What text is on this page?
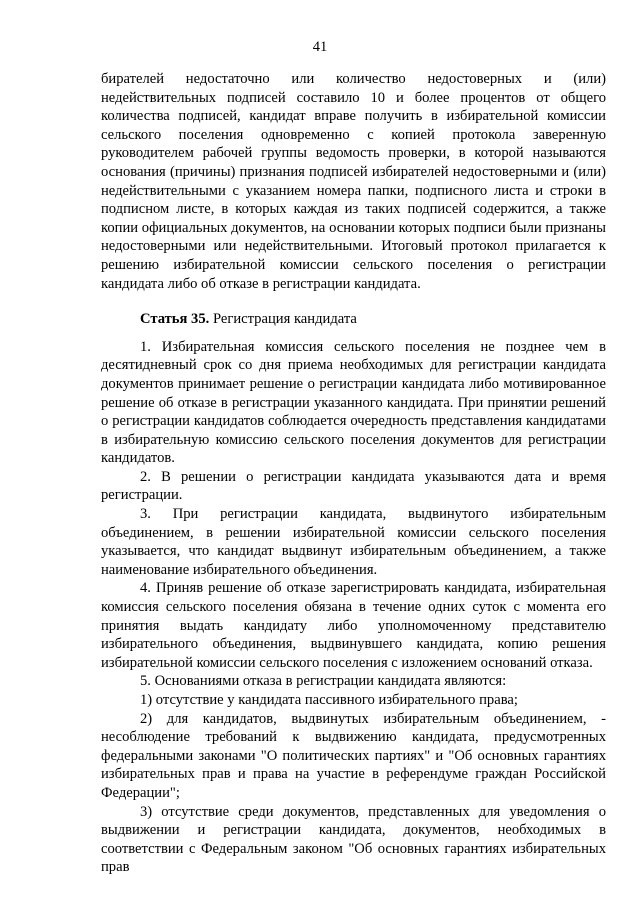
41

бирателей недостаточно или количество недостоверных и (или) недействительных подписей составило 10 и более процентов от общего количества подписей, кандидат вправе получить в избирательной комиссии сельского поселения одновременно с копией протокола заверенную руководителем рабочей группы ведомость проверки, в которой называются основания (причины) признания подписей избирателей недостоверными и (или) недействительными с указанием номера папки, подписного листа и строки в подписном листе, в которых каждая из таких подписей содержится, а также копии официальных документов, на основании которых подписи были признаны недостоверными или недействительными. Итоговый протокол прилагается к решению избирательной комиссии сельского поселения о регистрации кандидата либо об отказе в регистрации кандидата.

Статья 35. Регистрация кандидата

1. Избирательная комиссия сельского поселения не позднее чем в десятидневный срок со дня приема необходимых для регистрации кандидата документов принимает решение о регистрации кандидата либо мотивированное решение об отказе в регистрации указанного кандидата. При принятии решений о регистрации кандидатов соблюдается очередность представления кандидатами в избирательную комиссию сельского поселения документов для регистрации кандидатов.

2. В решении о регистрации кандидата указываются дата и время регистрации.

3. При регистрации кандидата, выдвинутого избирательным объединением, в решении избирательной комиссии сельского поселения указывается, что кандидат выдвинут избирательным объединением, а также наименование избирательного объединения.

4. Приняв решение об отказе зарегистрировать кандидата, избирательная комиссия сельского поселения обязана в течение одних суток с момента его принятия выдать кандидату либо уполномоченному представителю избирательного объединения, выдвинувшего кандидата, копию решения избирательной комиссии сельского поселения с изложением оснований отказа.

5. Основаниями отказа в регистрации кандидата являются:

1) отсутствие у кандидата пассивного избирательного права;

2) для кандидатов, выдвинутых избирательным объединением, - несоблюдение требований к выдвижению кандидата, предусмотренных федеральными законами "О политических партиях" и "Об основных гарантиях избирательных прав и права на участие в референдуме граждан Российской Федерации";

3) отсутствие среди документов, представленных для уведомления о выдвижении и регистрации кандидата, документов, необходимых в соответствии с Федеральным законом "Об основных гарантиях избирательных прав
